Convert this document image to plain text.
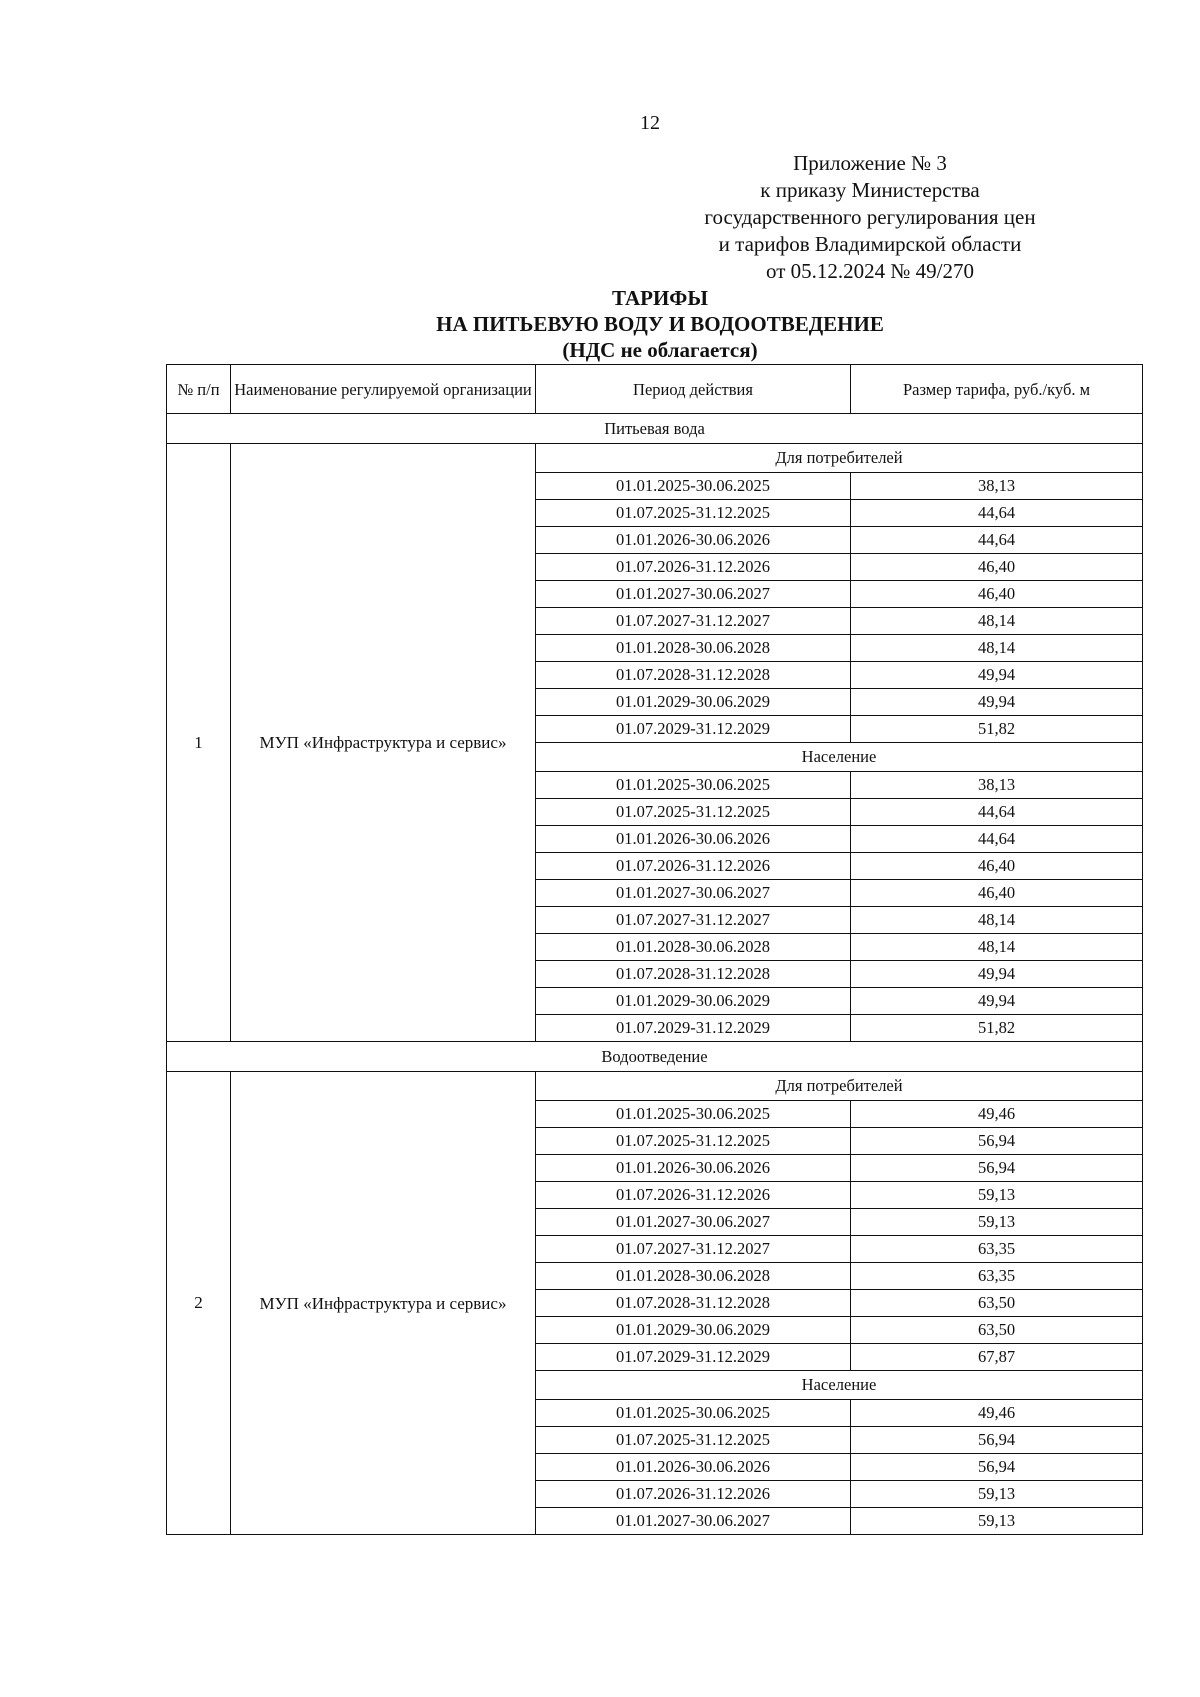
12
Приложение № 3
к приказу Министерства
государственного регулирования цен
и тарифов Владимирской области
от 05.12.2024 № 49/270
ТАРИФЫ
НА ПИТЬЕВУЮ ВОДУ И ВОДООТВЕДЕНИЕ
(НДС не облагается)
№ п/п	Наименование регулируемой организации	Период действия	Размер тарифа, руб./куб. м
Питьевая вода			
1	МУП «Инфраструктура и сервис»	Для потребителей	
		01.01.2025-30.06.2025	38,13
		01.07.2025-31.12.2025	44,64
		01.01.2026-30.06.2026	44,64
		01.07.2026-31.12.2026	46,40
		01.01.2027-30.06.2027	46,40
		01.07.2027-31.12.2027	48,14
		01.01.2028-30.06.2028	48,14
		01.07.2028-31.12.2028	49,94
		01.01.2029-30.06.2029	49,94
		01.07.2029-31.12.2029	51,82
		Население	
		01.01.2025-30.06.2025	38,13
		01.07.2025-31.12.2025	44,64
		01.01.2026-30.06.2026	44,64
		01.07.2026-31.12.2026	46,40
		01.01.2027-30.06.2027	46,40
		01.07.2027-31.12.2027	48,14
		01.01.2028-30.06.2028	48,14
		01.07.2028-31.12.2028	49,94
		01.01.2029-30.06.2029	49,94
		01.07.2029-31.12.2029	51,82
Водоотведение			
2	МУП «Инфраструктура и сервис»	Для потребителей	
		01.01.2025-30.06.2025	49,46
		01.07.2025-31.12.2025	56,94
		01.01.2026-30.06.2026	56,94
		01.07.2026-31.12.2026	59,13
		01.01.2027-30.06.2027	59,13
		01.07.2027-31.12.2027	63,35
		01.01.2028-30.06.2028	63,35
		01.07.2028-31.12.2028	63,50
		01.01.2029-30.06.2029	63,50
		01.07.2029-31.12.2029	67,87
		Население	
		01.01.2025-30.06.2025	49,46
		01.07.2025-31.12.2025	56,94
		01.01.2026-30.06.2026	56,94
		01.07.2026-31.12.2026	59,13
		01.01.2027-30.06.2027	59,13
